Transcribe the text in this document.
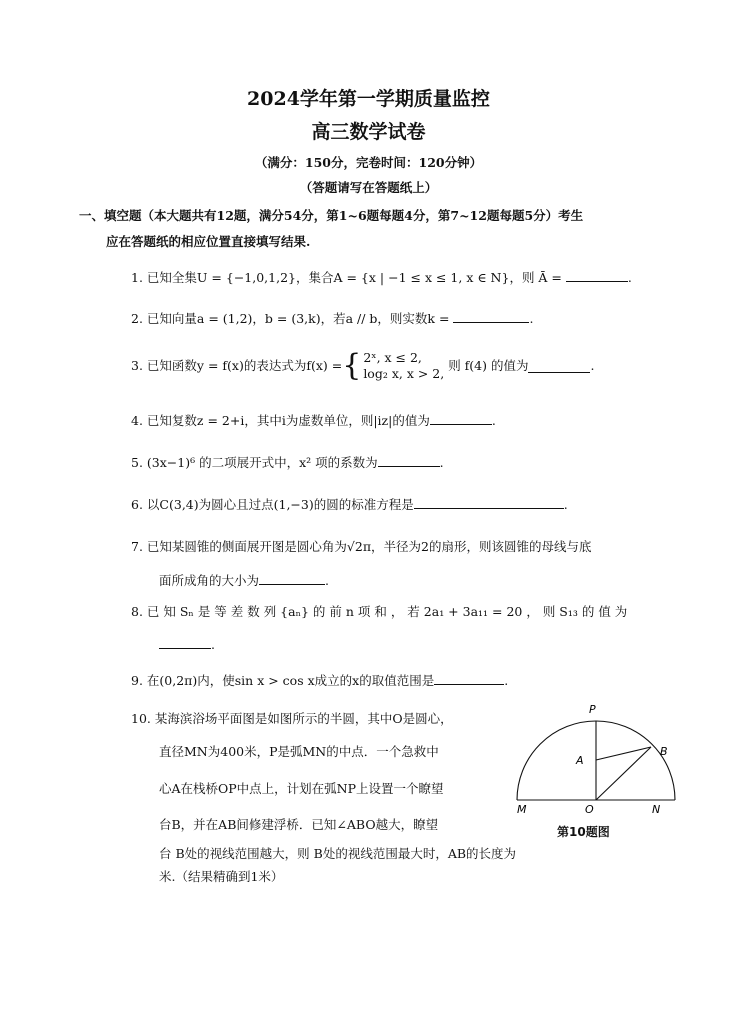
2024学年第一学期质量监控
高三数学试卷
（满分：150分，完卷时间：120分钟）
（答题请写在答题纸上）
一、填空题（本大题共有12题，满分54分，第1~6题每题4分，第7~12题每题5分）考生
应在答题纸的相应位置直接填写结果.
1. 已知全集U = {−1,0,1,2}，集合A = {x | −1 ≤ x ≤ 1, x ∈ N}，则 Ā =	.
2. 已知向量a = (1,2)，b = (3,k)，若a // b，则实数k =	.
3.
已知函数y = f(x)的表达式为f(x) = { 2ˣ, x ≤ 2,
log₂ x, x > 2,

则 f(4) 的值为	.
4. 已知复数z = 2+i，其中i为虚数单位，则|iz|的值为	.
5. (3x−1)⁶ 的二项展开式中，x² 项的系数为	.
6. 以C(3,4)为圆心且过点(1,−3)的圆的标准方程是	.
7. 已知某圆锥的侧面展开图是圆心角为√2π，半径为2的扇形，则该圆锥的母线与底
面所成角的大小为	.
8. 已 知 Sₙ 是 等 差 数 列 {aₙ} 的 前 n 项 和 ， 若 2a₁ + 3a₁₁ = 20 ， 则 S₁₃ 的 值 为
.
9. 在(0,2π)内，使sin x > cos x成立的x的取值范围是	.
10. 某海滨浴场平面图是如图所示的半圆，其中O是圆心，
直径MN为400米，P是弧MN的中点．一个急救中
心A在栈桥OP中点上，计划在弧NP上设置一个瞭望
台B，并在AB间修建浮桥．已知∠ABO越大，瞭望
台 B处的视线范围越大，则 B处的视线范围最大时，AB的长度为
米.（结果精确到1米）
P
A
B
M	O	N
第10题图
